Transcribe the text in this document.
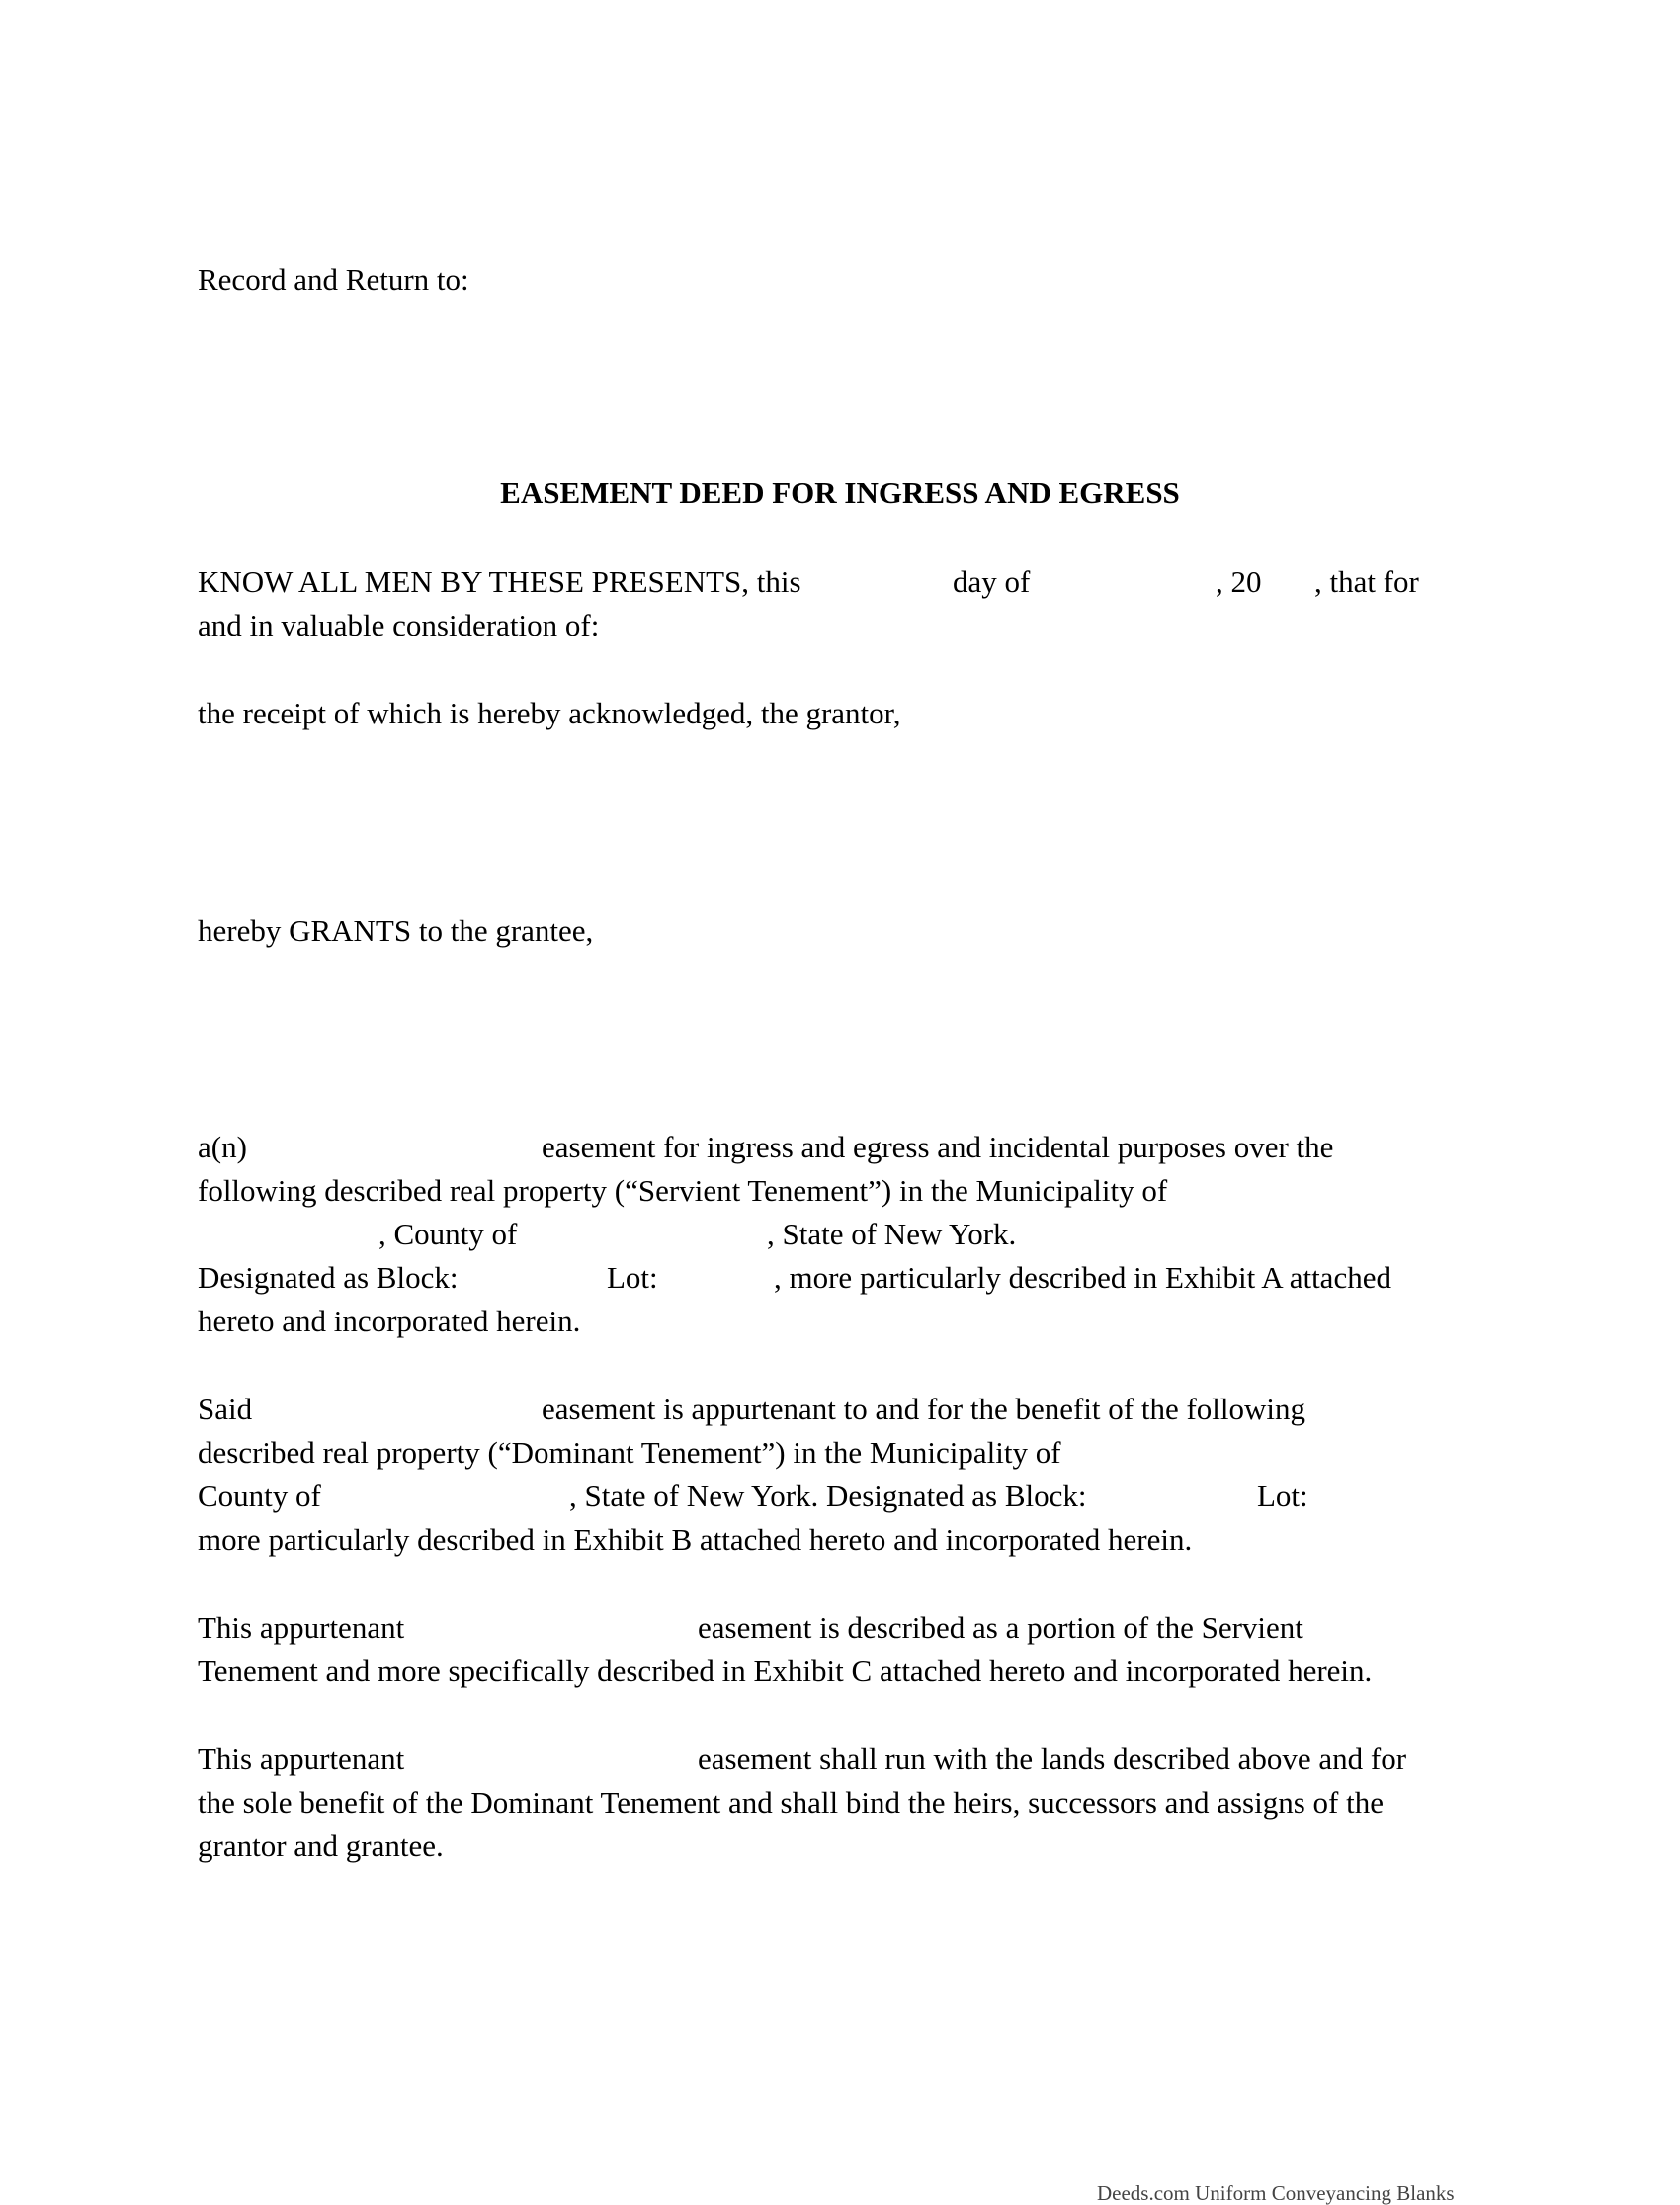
Record and Return to:
EASEMENT DEED FOR INGRESS AND EGRESS
KNOW ALL MEN BY THESE PRESENTS, this	day of	, 20 , that for
and in valuable consideration of:
the receipt of which is hereby acknowledged, the grantor,
hereby GRANTS to the grantee,
a(n)	easement for ingress and egress and incidental purposes over the
following described real property (“Servient Tenement”) in the Municipality of
, County of	, State of New York.
Designated as Block:	Lot:	, more particularly described in Exhibit A attached
hereto and incorporated herein.
Said	easement is appurtenant to and for the benefit of the following
described real property (“Dominant Tenement”) in the Municipality of
County of	, State of New York. Designated as Block:	Lot:
more particularly described in Exhibit B attached hereto and incorporated herein.
This appurtenant	easement is described as a portion of the Servient
Tenement and more specifically described in Exhibit C attached hereto and incorporated herein.
This appurtenant	easement shall run with the lands described above and for
the sole benefit of the Dominant Tenement and shall bind the heirs, successors and assigns of the
grantor and grantee.
Deeds.com Uniform Conveyancing Blanks
